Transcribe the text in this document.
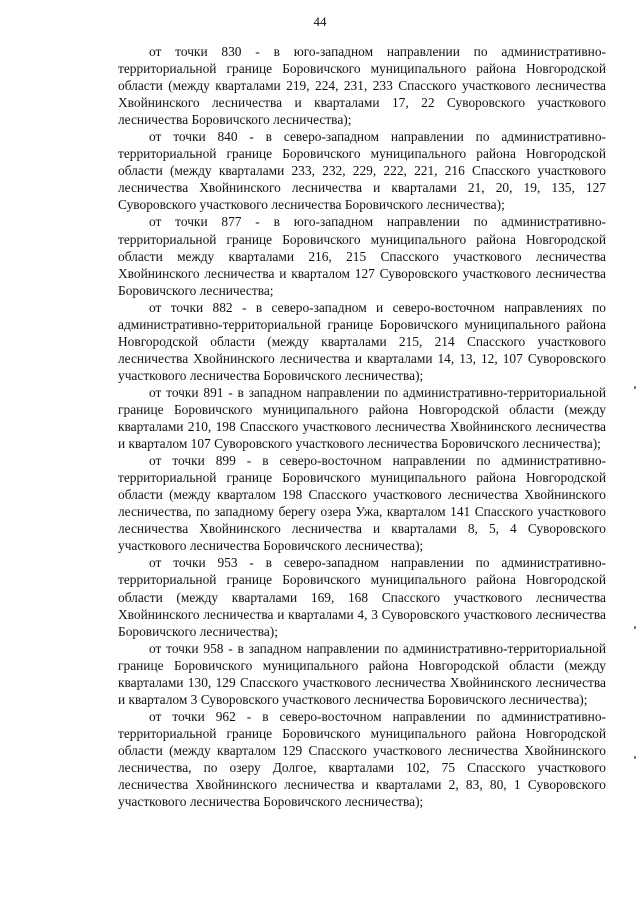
44

от точки 830 - в юго-западном направлении по административно-территориальной границе Боровичского муниципального района Новгородской области (между кварталами 219, 224, 231, 233 Спасского участкового лесничества Хвойнинского лесничества и кварталами 17, 22 Суворовского участкового лесничества Боровичского лесничества);

от точки 840 - в северо-западном направлении по административно-территориальной границе Боровичского муниципального района Новгородской области (между кварталами 233, 232, 229, 222, 221, 216 Спасского участкового лесничества Хвойнинского лесничества и кварталами 21, 20, 19, 135, 127 Суворовского участкового лесничества Боровичского лесничества);

от точки 877 - в юго-западном направлении по административно-территориальной границе Боровичского муниципального района Новгородской области между кварталами 216, 215 Спасского участкового лесничества Хвойнинского лесничества и кварталом 127 Суворовского участкового лесничества Боровичского лесничества;

от точки 882 - в северо-западном и северо-восточном направлениях по административно-территориальной границе Боровичского муниципального района Новгородской области (между кварталами 215, 214 Спасского участкового лесничества Хвойнинского лесничества и кварталами 14, 13, 12, 107 Суворовского участкового лесничества Боровичского лесничества);

от точки 891 - в западном направлении по административно-территориальной границе Боровичского муниципального района Новгородской области (между кварталами 210, 198 Спасского участкового лесничества Хвойнинского лесничества и кварталом 107 Суворовского участкового лесничества Боровичского лесничества);

от точки 899 - в северо-восточном направлении по административно-территориальной границе Боровичского муниципального района Новгородской области (между кварталом 198 Спасского участкового лесничества Хвойнинского лесничества, по западному берегу озера Ужа, кварталом 141 Спасского участкового лесничества Хвойнинского лесничества и кварталами 8, 5, 4 Суворовского участкового лесничества Боровичского лесничества);

от точки 953 - в северо-западном направлении по административно-территориальной границе Боровичского муниципального района Новгородской области (между кварталами 169, 168 Спасского участкового лесничества Хвойнинского лесничества и кварталами 4, 3 Суворовского участкового лесничества Боровичского лесничества);

от точки 958 - в западном направлении по административно-территориальной границе Боровичского муниципального района Новгородской области (между кварталами 130, 129 Спасского участкового лесничества Хвойнинского лесничества и кварталом 3 Суворовского участкового лесничества Боровичского лесничества);

от точки 962 - в северо-восточном направлении по административно-территориальной границе Боровичского муниципального района Новгородской области (между кварталом 129 Спасского участкового лесничества Хвойнинского лесничества, по озеру Долгое, кварталами 102, 75 Спасского участкового лесничества Хвойнинского лесничества и кварталами 2, 83, 80, 1 Суворовского участкового лесничества Боровичского лесничества);
